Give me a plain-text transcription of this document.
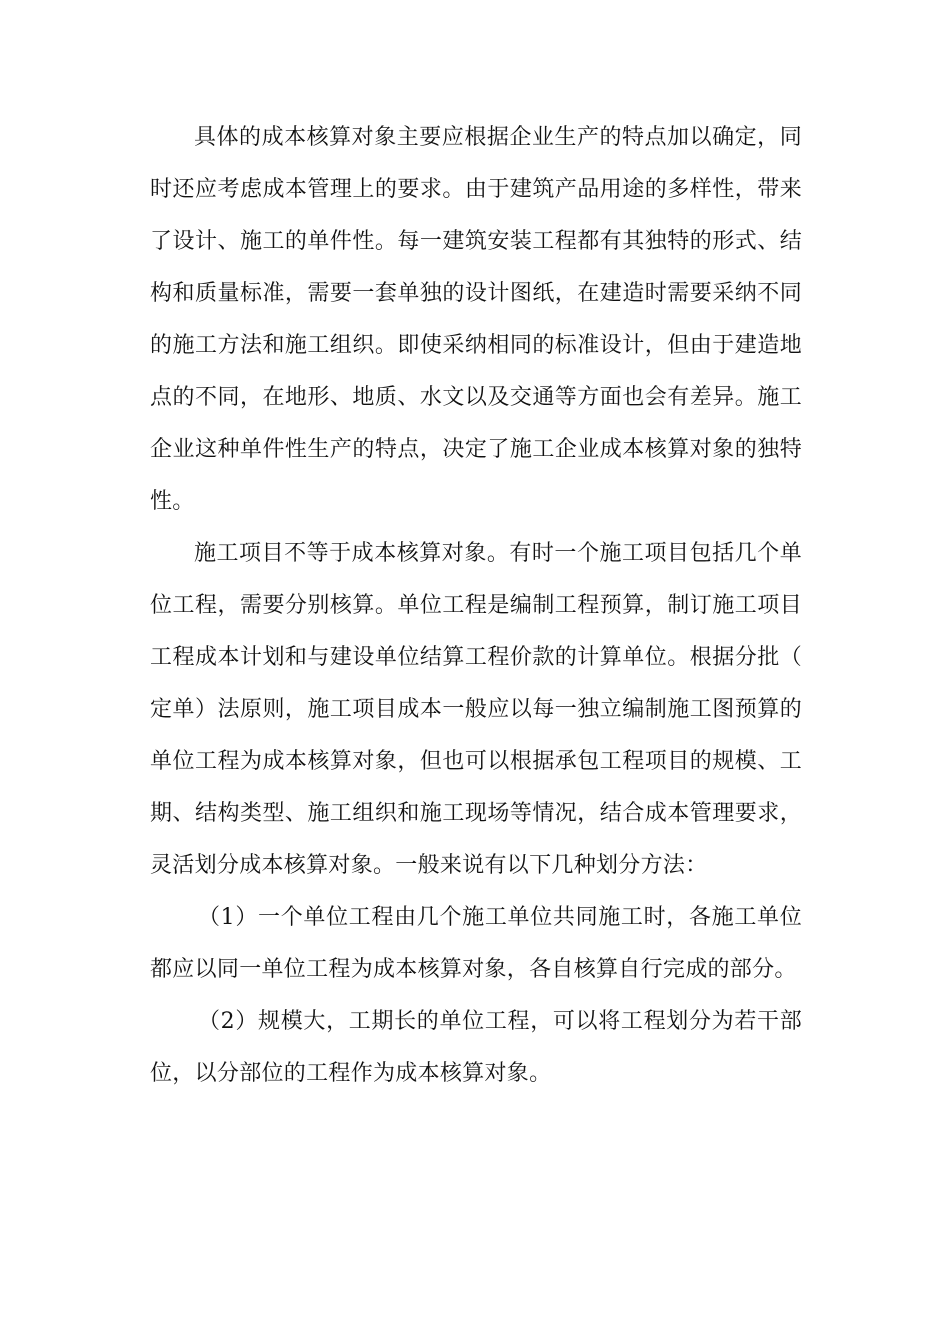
具体的成本核算对象主要应根据企业生产的特点加以确定，同时还应考虑成本管理上的要求。由于建筑产品用途的多样性，带来了设计、施工的单件性。每一建筑安装工程都有其独特的形式、结构和质量标准，需要一套单独的设计图纸，在建造时需要采纳不同的施工方法和施工组织。即使采纳相同的标准设计，但由于建造地点的不同，在地形、地质、水文以及交通等方面也会有差异。施工企业这种单件性生产的特点，决定了施工企业成本核算对象的独特性。

施工项目不等于成本核算对象。有时一个施工项目包括几个单位工程，需要分别核算。单位工程是编制工程预算，制订施工项目工程成本计划和与建设单位结算工程价款的计算单位。根据分批（定单）法原则，施工项目成本一般应以每一独立编制施工图预算的单位工程为成本核算对象，但也可以根据承包工程项目的规模、工期、结构类型、施工组织和施工现场等情况，结合成本管理要求，灵活划分成本核算对象。一般来说有以下几种划分方法：

（1）一个单位工程由几个施工单位共同施工时，各施工单位都应以同一单位工程为成本核算对象，各自核算自行完成的部分。

（2）规模大，工期长的单位工程，可以将工程划分为若干部位，以分部位的工程作为成本核算对象。
